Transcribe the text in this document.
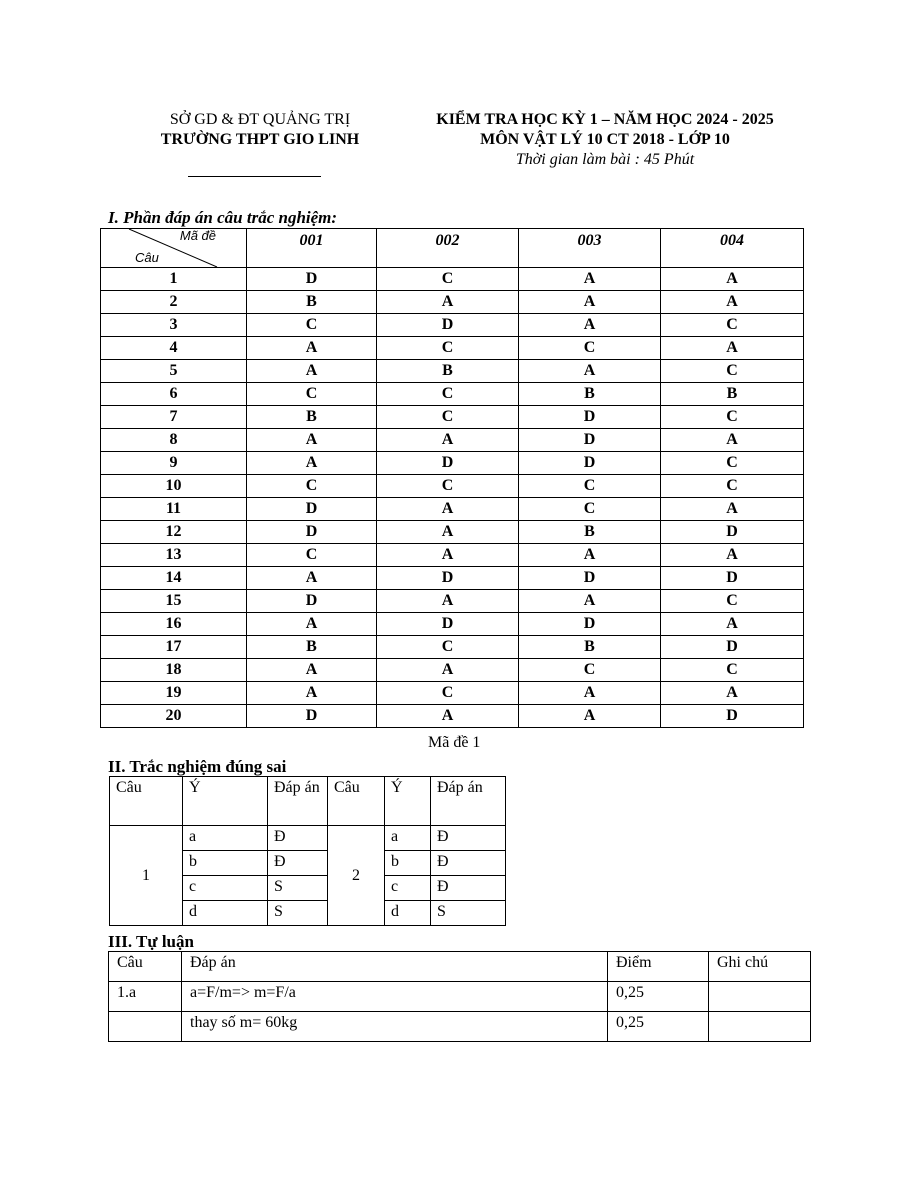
SỞ GD & ĐT QUẢNG TRỊ
TRƯỜNG THPT GIO LINH
KIỂM TRA HỌC KỲ 1 – NĂM HỌC 2024 - 2025
MÔN VẬT LÝ 10 CT 2018 - LỚP 10
Thời gian làm bài : 45 Phút
I. Phần đáp án câu trắc nghiệm:
Mã đề
Câu	001	002	003	004
1	D	C	A	A
2	B	A	A	A
3	C	D	A	C
4	A	C	C	A
5	A	B	A	C
6	C	C	B	B
7	B	C	D	C
8	A	A	D	A
9	A	D	D	C
10	C	C	C	C
11	D	A	C	A
12	D	A	B	D
13	C	A	A	A
14	A	D	D	D
15	D	A	A	C
16	A	D	D	A
17	B	C	B	D
18	A	A	C	C
19	A	C	A	A
20	D	A	A	D
Mã đề 1
II. Trắc nghiệm đúng sai
Câu	Ý	Đáp án	Câu	Ý	Đáp án
1	a	Đ	2	a	Đ
	b	Đ		b	Đ
	c	S		c	Đ
	d	S		d	S
III. Tự luận
Câu	Đáp án	Điểm	Ghi chú
1.a	a=F/m=> m=F/a	0,25	
	thay số m= 60kg	0,25	
